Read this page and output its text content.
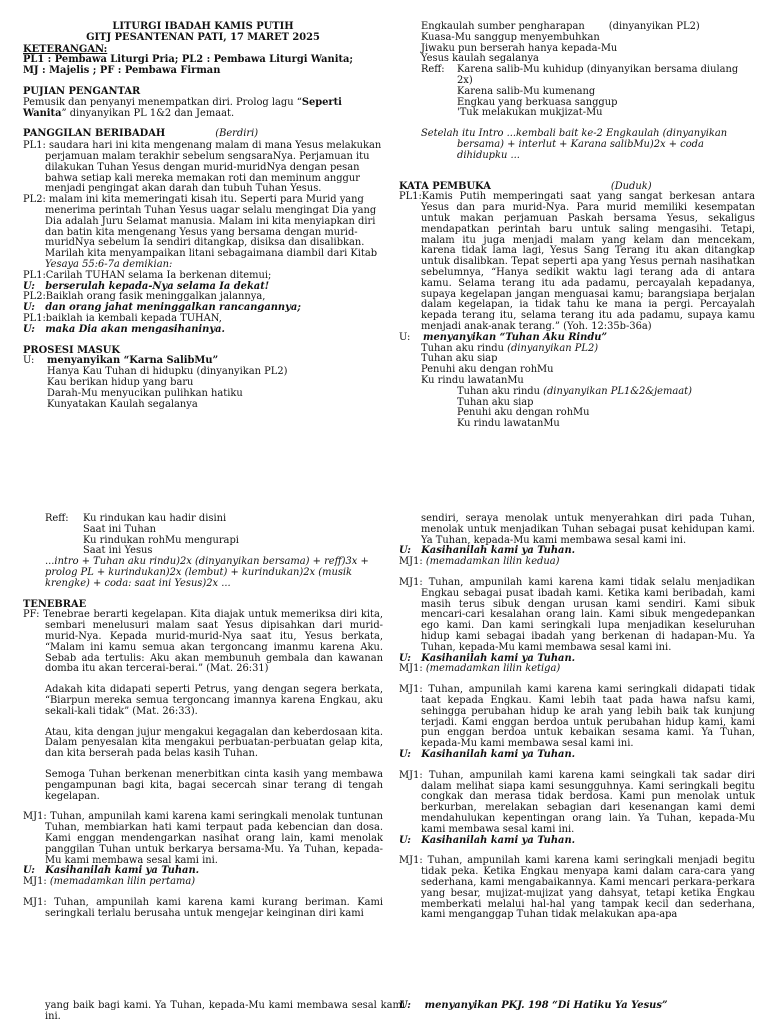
LITURGI IBADAH KAMIS PUTIH
GITJ PESANTENAN PATI, 17 MARET 2025
KETERANGAN:
PL1 : Pembawa Liturgi Pria; PL2 : Pembawa Liturgi Wanita;
MJ : Majelis ; PF : Pembawa Firman
PUJIAN PENGANTAR
Pemusik dan penyanyi menempatkan diri. Prolog lagu “Seperti Wanita” dinyanyikan PL 1&2 dan Jemaat.
PANGGILAN BERIBADAH	(Berdiri)
PL1: saudara hari ini kita mengenang malam di mana Yesus melakukan perjamuan malam terakhir sebelum sengsaraNya. Perjamuan itu dilakukan Tuhan Yesus dengan murid-muridNya dengan pesan bahwa setiap kali mereka memakan roti dan meminum anggur menjadi pengingat akan darah dan tubuh Tuhan Yesus.
PL2: malam ini kita memeringati kisah itu. Seperti para Murid yang menerima perintah Tuhan Yesus uagar selalu mengingat Dia yang Dia adalah Juru Selamat manusia. Malam ini kita menyiapkan diri dan batin kita mengenang Yesus yang bersama dengan murid-muridNya sebelum Ia sendiri ditangkap, disiksa dan disalibkan. Marilah kita menyampaikan litani sebagaimana diambil dari Kitab Yesaya 55:6-7a demikian:
PL1:Carilah TUHAN selama Ia berkenan ditemui;
U:   berserulah kepada-Nya selama Ia dekat!
PL2:Baiklah orang fasik meninggalkan jalannya,
U:   dan orang jahat meninggalkan rancangannya;
PL1:baiklah ia kembali kepada TUHAN,
U:   maka Dia akan mengasihaninya.
PROSESI MASUK
U:	menyanyikan “Karna SalibMu”
Hanya Kau Tuhan di hidupku (dinyanyikan PL2)
Kau berikan hidup yang baru
Darah-Mu menyucikan pulihkan hatiku
Kunyatakan Kaulah segalanya
Reff:	Ku rindukan kau hadir disini
Saat ini Tuhan
Ku rindukan rohMu mengurapi
Saat ini Yesus
...intro + Tuhan aku rindu)2x (dinyanyikan bersama) + reff)3x + prolog PL + kurindukan)2x (lembut) + kurindukan)2x (musik krengke) + coda: saat ini Yesus)2x ...
TENEBRAE
PF: Tenebrae berarti kegelapan. Kita diajak untuk memeriksa diri kita, sembari menelusuri malam saat Yesus dipisahkan dari murid-murid-Nya. Kepada murid-murid-Nya saat itu, Yesus berkata, “Malam ini kamu semua akan tergoncang imanmu karena Aku. Sebab ada tertulis: Aku akan membunuh gembala dan kawanan domba itu akan tercerai-berai.” (Mat. 26:31)
Adakah kita didapati seperti Petrus, yang dengan segera berkata, “Biarpun mereka semua tergoncang imannya karena Engkau, aku sekali-kali tidak” (Mat. 26:33).
Atau, kita dengan jujur mengakui kegagalan dan keberdosaan kita. Dalam penyesalan kita mengakui perbuatan-perbuatan gelap kita, dan kita berserah pada belas kasih Tuhan.
Semoga Tuhan berkenan menerbitkan cinta kasih yang membawa pengampunan bagi kita, bagai secercah sinar terang di tengah kegelapan.
MJ1: Tuhan, ampunilah kami karena kami seringkali menolak tuntunan Tuhan, membiarkan hati kami terpaut pada kebencian dan dosa. Kami enggan mendengarkan nasihat orang lain, kami menolak panggilan Tuhan untuk berkarya bersama-Mu. Ya Tuhan, kepada-Mu kami membawa sesal kami ini.
U:   Kasihanilah kami ya Tuhan.
MJ1: (memadamkan lilin pertama)
MJ1: Tuhan, ampunilah kami karena kami kurang beriman. Kami seringkali terlalu berusaha untuk mengejar keinginan diri kami
yang baik bagi kami. Ya Tuhan, kepada-Mu kami membawa sesal kami ini.
Engkaulah sumber pengharapan (dinyanyikan PL2)
Kuasa-Mu sanggup menyembuhkan
Jiwaku pun berserah hanya kepada-Mu
Yesus kaulah segalanya
Reff:	Karena salib-Mu kuhidup (dinyanyikan bersama diulang 2x)
Karena salib-Mu kumenang
Engkau yang berkuasa sanggup
'Tuk melakukan mukjizat-Mu
Setelah itu Intro ...kembali bait ke-2 Engkaulah (dinyanyikan bersama) + interlut + Karana salibMu)2x + coda dihidupku ...
KATA PEMBUKA	(Duduk)
PL1:Kamis Putih memperingati saat yang sangat berkesan antara Yesus dan para murid-Nya. Para murid memiliki kesempatan untuk makan perjamuan Paskah bersama Yesus, sekaligus mendapatkan perintah baru untuk saling mengasihi. Tetapi, malam itu juga menjadi malam yang kelam dan mencekam, karena tidak lama lagi, Yesus Sang Terang itu akan ditangkap untuk disalibkan. Tepat seperti apa yang Yesus pernah nasihatkan sebelumnya, “Hanya sedikit waktu lagi terang ada di antara kamu. Selama terang itu ada padamu, percayalah kepadanya, supaya kegelapan jangan menguasai kamu; barangsiapa berjalan dalam kegelapan, ia tidak tahu ke mana ia pergi. Percayalah kepada terang itu, selama terang itu ada padamu, supaya kamu menjadi anak-anak terang.” (Yoh. 12:35b-36a)
U:	menyanyikan “Tuhan Aku Rindu”
Tuhan aku rindu (dinyanyikan PL2)
Tuhan aku siap
Penuhi aku dengan rohMu
Ku rindu lawatanMu
Tuhan aku rindu (dinyanyikan PL1&2&jemaat)
Tuhan aku siap
Penuhi aku dengan rohMu
Ku rindu lawatanMu
sendiri, seraya menolak untuk menyerahkan diri pada Tuhan, menolak untuk menjadikan Tuhan sebagai pusat kehidupan kami. Ya Tuhan, kepada-Mu kami membawa sesal kami ini.
U:   Kasihanilah kami ya Tuhan.
MJ1: (memadamkan lilin kedua)
MJ1: Tuhan, ampunilah kami karena kami tidak selalu menjadikan Engkau sebagai pusat ibadah kami. Ketika kami beribadah, kami masih terus sibuk dengan urusan kami sendiri. Kami sibuk mencari-cari kesalahan orang lain. Kami sibuk mengedepankan ego kami. Dan kami seringkali lupa menjadikan keseluruhan hidup kami sebagai ibadah yang berkenan di hadapan-Mu. Ya Tuhan, kepada-Mu kami membawa sesal kami ini.
U:   Kasihanilah kami ya Tuhan.
MJ1: (memadamkan lilin ketiga)
MJ1: Tuhan, ampunilah kami karena kami seringkali didapati tidak taat kepada Engkau. Kami lebih taat pada hawa nafsu kami, sehingga perubahan hidup ke arah yang lebih baik tak kunjung terjadi. Kami enggan berdoa untuk perubahan hidup kami, kami pun enggan berdoa untuk kebaikan sesama kami. Ya Tuhan, kepada-Mu kami membawa sesal kami ini.
U:   Kasihanilah kami ya Tuhan.
MJ1: Tuhan, ampunilah kami karena kami seingkali tak sadar diri dalam melihat siapa kami sesungguhnya. Kami seringkali begitu congkak dan merasa tidak berdosa. Kami pun menolak untuk berkurban, merelakan sebagian dari kesenangan kami demi mendahulukan kepentingan orang lain. Ya Tuhan, kepada-Mu kami membawa sesal kami ini.
U:   Kasihanilah kami ya Tuhan.
MJ1: Tuhan, ampunilah kami karena kami seringkali menjadi begitu tidak peka. Ketika Engkau menyapa kami dalam cara-cara yang sederhana, kami mengabaikannya. Kami mencari perkara-perkara yang besar, mujizat-mujizat yang dahsyat, tetapi ketika Engkau memberkati melalui hal-hal yang tampak kecil dan sederhana, kami menganggap Tuhan tidak melakukan apa-apa
U:    menyanyikan PKJ. 198 “Di Hatiku Ya Yesus”
